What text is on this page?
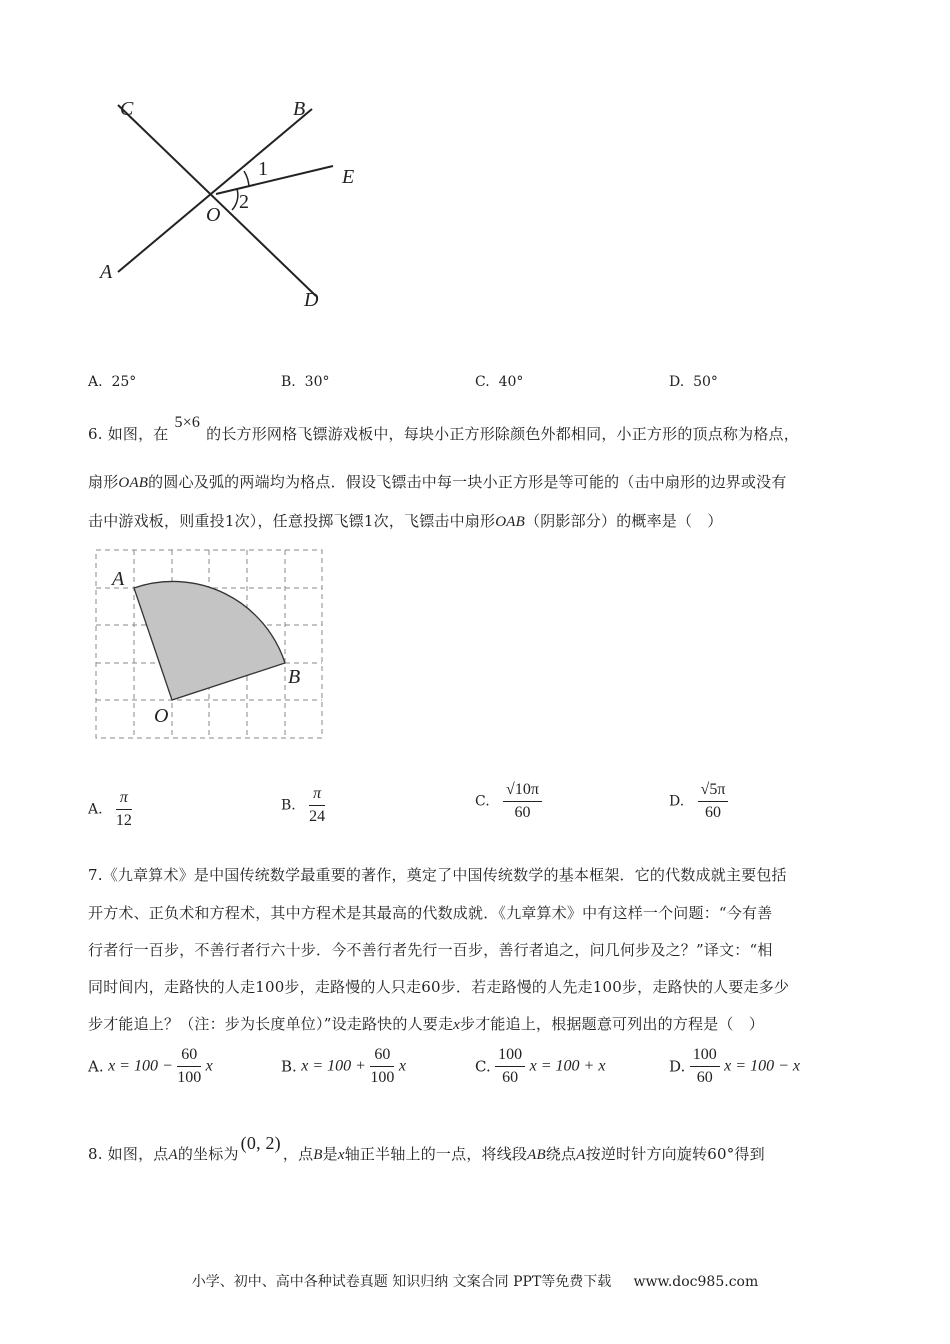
C	B
E
1
2
O
A
D
A. 25°	B. 30°	C. 40°	D. 50°
6. 如图，在5×6的长方形网格飞镖游戏板中，每块小正方形除颜色外都相同，小正方形的顶点称为格点，
扇形OAB的圆心及弧的两端均为格点．假设飞镖击中每一块小正方形是等可能的（击中扇形的边界或没有
击中游戏板，则重投1次），任意投掷飞镖1次，飞镖击中扇形OAB（阴影部分）的概率是（　）
A
B
O
A. $\frac{\pi}{12}$	B. $\frac{\pi}{24}$	C. $\frac{√10\pi}{60}$	D. $\frac{√5\pi}{60}$
7.《九章算术》是中国传统数学最重要的著作，奠定了中国传统数学的基本框架．它的代数成就主要包括
开方术、正负术和方程术，其中方程术是其最高的代数成就．《九章算术》中有这样一个问题：“今有善
行者行一百步，不善行者行六十步．今不善行者先行一百步，善行者追之，问几何步及之？”译文：“相
同时间内，走路快的人走100步，走路慢的人只走60步．若走路慢的人先走100步，走路快的人要走多少
步才能追上？（注：步为长度单位）”设走路快的人要走x步才能追上，根据题意可列出的方程是（　）
A. $x = 100 - \frac{60}{100}$ x	B. $x = 100 + \frac{60}{100}$ x	C. $\frac{100}{60}$ x = 100 + x	D. $\frac{100}{60}$ x = 100 − x
8. 如图，点A的坐标为(0, 2)，点B是x轴正半轴上的一点，将线段AB绕点A按逆时针方向旋转60°得到
小学、初中、高中各种试卷真题 知识归纳 文案合同 PPT等免费下载 www.doc985.com
